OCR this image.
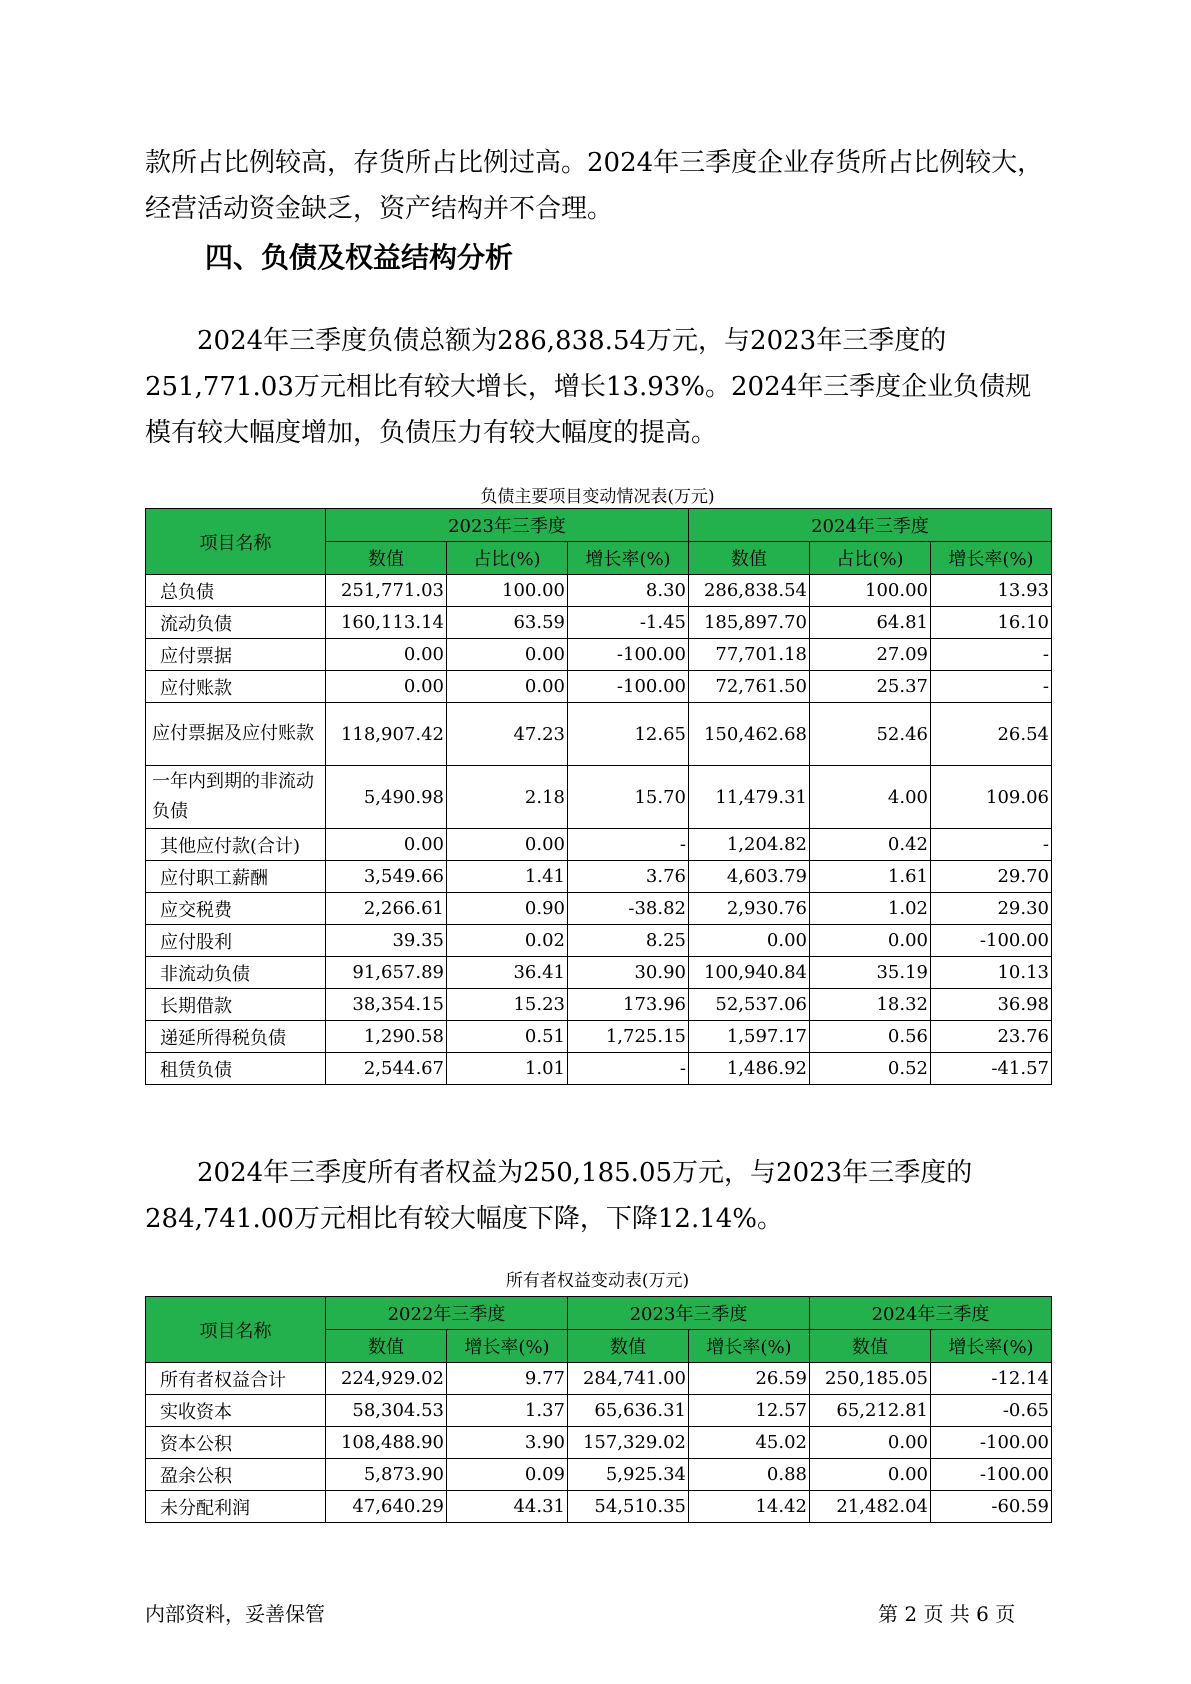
款所占比例较高，存货所占比例过高。2024年三季度企业存货所占比例较大，经营活动资金缺乏，资产结构并不合理。

2024年三季度负债总额为286,838.54万元，与2023年三季度的251,771.03万元相比有较大增长，增长13.93%。2024年三季度企业负债规模有较大幅度增加，负债压力有较大幅度的提高。

四、负债及权益结构分析

负债主要项目变动情况表(万元)

项目名称	2023年三季度			2024年三季度		
	数值	占比(%)	增长率(%)	数值	占比(%)	增长率(%)
总负债	251,771.03	100.00	8.30	286,838.54	100.00	13.93
流动负债	160,113.14	63.59	-1.45	185,897.70	64.81	16.10
应付票据	0.00	0.00	-100.00	77,701.18	27.09	-
应付账款	0.00	0.00	-100.00	72,761.50	25.37	-
应付票据及应付账款	118,907.42	47.23	12.65	150,462.68	52.46	26.54
一年内到期的非流动负债	5,490.98	2.18	15.70	11,479.31	4.00	109.06
其他应付款(合计)	0.00	0.00	-	1,204.82	0.42	-
应付职工薪酬	3,549.66	1.41	3.76	4,603.79	1.61	29.70
应交税费	2,266.61	0.90	-38.82	2,930.76	1.02	29.30
应付股利	39.35	0.02	8.25	0.00	0.00	-100.00
非流动负债	91,657.89	36.41	30.90	100,940.84	35.19	10.13
长期借款	38,354.15	15.23	173.96	52,537.06	18.32	36.98
递延所得税负债	1,290.58	0.51	1,725.15	1,597.17	0.56	23.76
租赁负债	2,544.67	1.01	-	1,486.92	0.52	-41.57

2024年三季度所有者权益为250,185.05万元，与2023年三季度的284,741.00万元相比有较大幅度下降，下降12.14%。

所有者权益变动表(万元)

项目名称	2022年三季度		2023年三季度		2024年三季度	
	数值	增长率(%)	数值	增长率(%)	数值	增长率(%)
所有者权益合计	224,929.02	9.77	284,741.00	26.59	250,185.05	-12.14
实收资本	58,304.53	1.37	65,636.31	12.57	65,212.81	-0.65
资本公积	108,488.90	3.90	157,329.02	45.02	0.00	-100.00
盈余公积	5,873.90	0.09	5,925.34	0.88	0.00	-100.00
未分配利润	47,640.29	44.31	54,510.35	14.42	21,482.04	-60.59
内部资料，妥善保管	第 2 页 共 6 页
